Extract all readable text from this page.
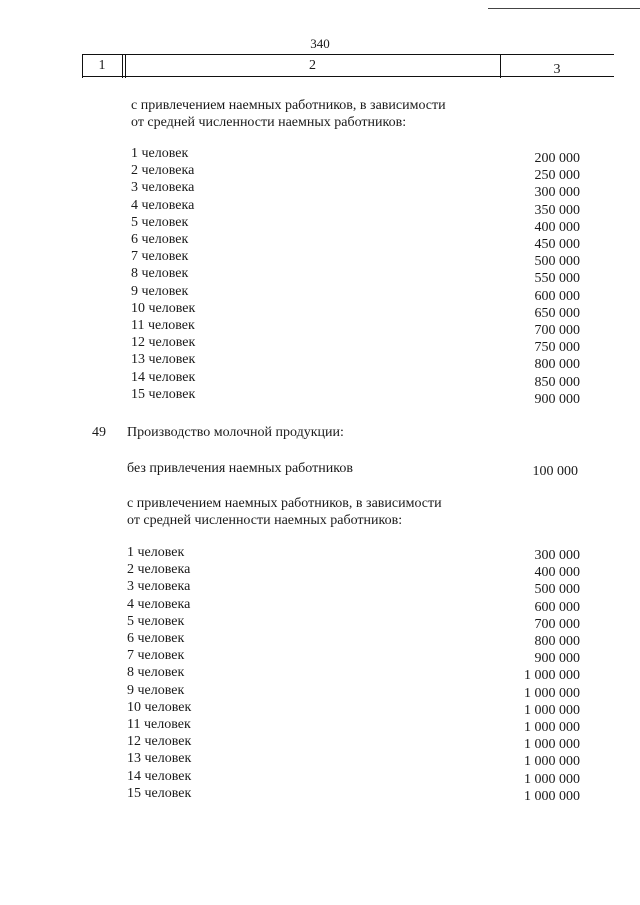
340
1	2	3
с привлечением наемных работников, в зависимости
от средней численности наемных работников:
1 человек	200 000
2 человека	250 000
3 человека	300 000
4 человека	350 000
5 человек	400 000
6 человек	450 000
7 человек	500 000
8 человек	550 000
9 человек	600 000
10 человек	650 000
11 человек	700 000
12 человек	750 000
13 человек	800 000
14 человек	850 000
15 человек	900 000
49 Производство молочной продукции:
без привлечения наемных работников	100 000
с привлечением наемных работников, в зависимости
от средней численности наемных работников:
1 человек	300 000
2 человека	400 000
3 человека	500 000
4 человека	600 000
5 человек	700 000
6 человек	800 000
7 человек	900 000
8 человек	1 000 000
9 человек	1 000 000
10 человек	1 000 000
11 человек	1 000 000
12 человек	1 000 000
13 человек	1 000 000
14 человек	1 000 000
15 человек	1 000 000
